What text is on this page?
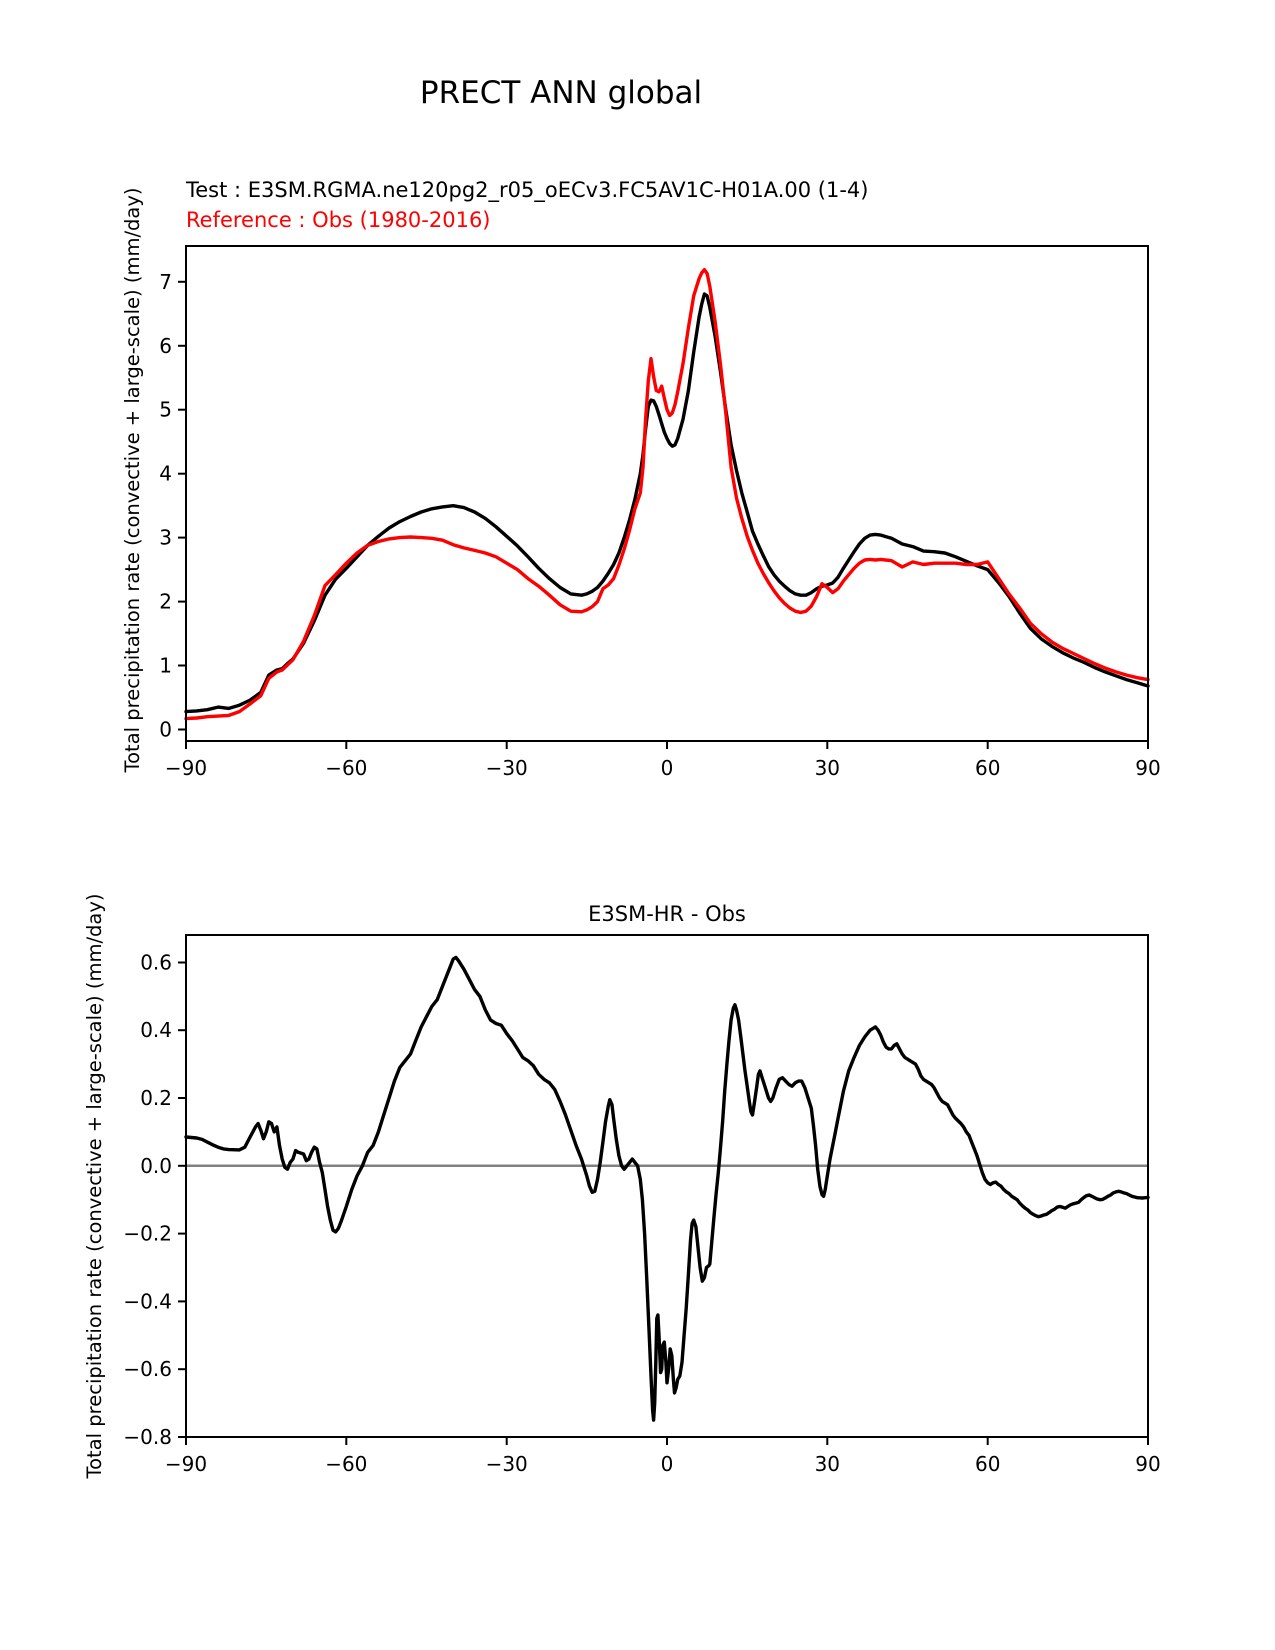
PRECT ANN global
Test : E3SM.RGMA.ne120pg2_r05_oECv3.FC5AV1C-H01A.00 (1-4)
Reference : Obs (1980-2016)
Total precipitation rate (convective + large-scale) (mm/day) −90	−60	−30	0	30	60	90
0
1
2
3
4
5
6
7
E3SM-HR - Obs
Total precipitation rate (convective + large-scale) (mm/day)	−90	−60	−30	0	30	60	90
0.6
0.4
0.2
0.0
−0.2
−0.4
−0.6
−0.8
